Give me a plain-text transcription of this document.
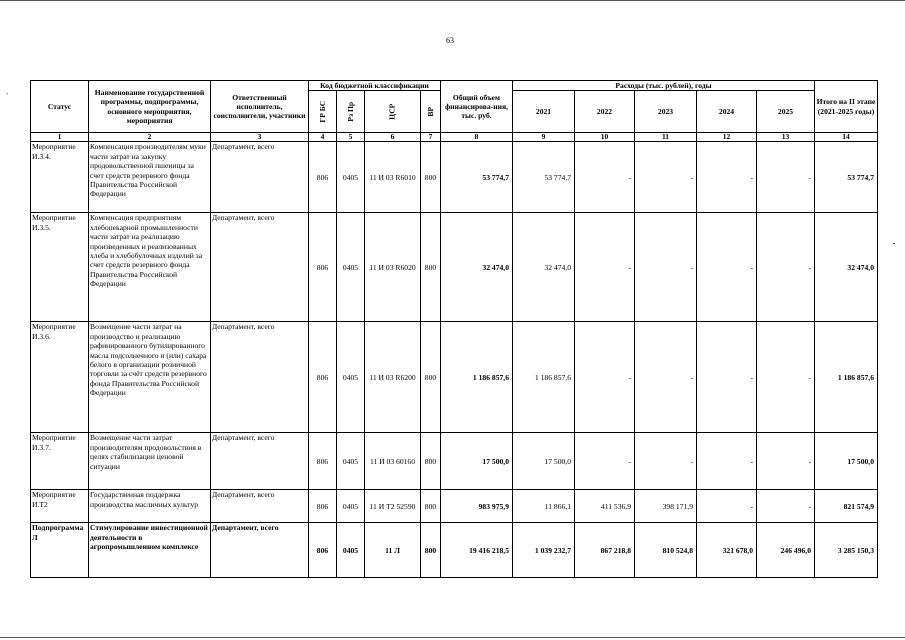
63
ˋ
Статус	Наименование государственной программы, подпрограммы, основного мероприятия, мероприятия	Ответственный исполнитель, соисполнители, участники	Код бюджетной классификации				Общий объем финансирова-ния, тыс. руб.	Расходы (тыс. рублей), годы					Итого на II этапе (2021-2025 годы)
			ГР БС	Рз Пр	ЦСР	ВР		2021	2022	2023	2024	2025	
1	2	3	4	5	6	7	8	9	10	11	12	13	14
Мероприятие И.3.4.	Компенсация производителям муки части затрат на закупку продовольственной пшеницы за счет средств резервного фонда Правительства Российской Федерации	Департамент, всего	806	0405	11 И 03 R6010	800	53 774,7	53 774,7	-	-	-	-	53 774,7
Мероприятие И.3.5.	Компенсация предприятиям хлебопекарной промышленности части затрат на реализацию произведенных и реализованных хлеба и хлебобулочных изделий за счет средств резервного фонда Правительства Российской Федерации	Департамент, всего	806	0405	11 И 03 R6020	800	32 474,0	32 474,0	-	-	-	-	32 474,0
Мероприятие И.3.6.	Возмещение части затрат на производство и реализацию рафинированного бутилированного масла подсолнечного и (или) сахара белого в организации розничной торговли за счёт средств резервного фонда Правительства Российской Федерации	Департамент, всего	806	0405	11 И 03 R6200	800	1 186 857,6	1 186 857,6	-	-	-	-	1 186 857,6
Мероприятие И.3.7.	Возмещение части затрат производителям продовольствия в целях стабилизации ценовой ситуации	Департамент, всего	806	0405	11 И 03 60160	800	17 500,0	17 500,0	-	-	-	-	17 500,0
Мероприятие И.Т2	Государственная поддержка производства масличных культур	Департамент, всего	806	0405	11 И Т2 52590	800	983 975,9	11 866,1	411 536,9	398 171,9	-	-	821 574,9
Подпрограмма Л	Стимулирование инвестиционной деятельности в агропромышленном комплексе	Департамент, всего	806	0405	11 Л	800	19 416 218,5	1 039 232,7	867 218,8	810 524,8	321 678,0	246 496,0	3 285 150,3
